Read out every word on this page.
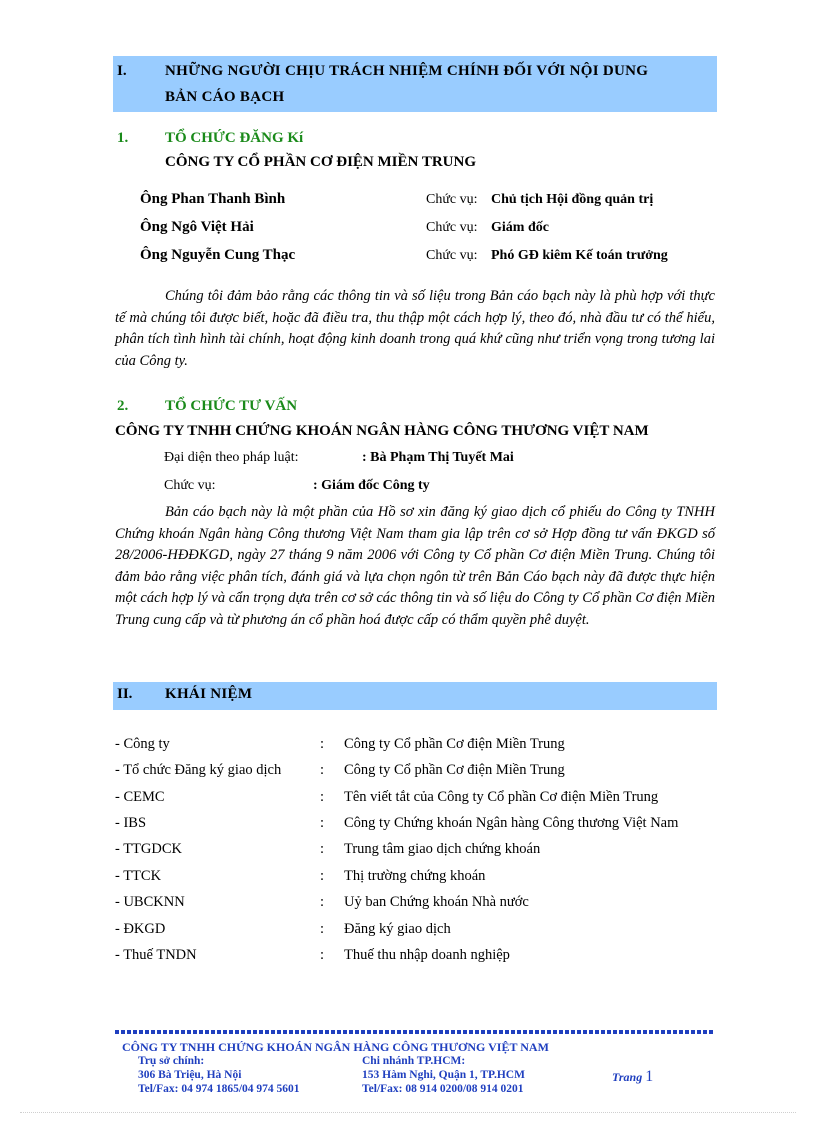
I.	NHỮNG NGƯỜI CHỊU TRÁCH NHIỆM CHÍNH ĐỐI VỚI NỘI DUNG
BẢN CÁO BẠCH
1. TỔ CHỨC ĐĂNG Kí
CÔNG TY CỔ PHẦN CƠ ĐIỆN MIỀN TRUNG
Ông Phan Thanh Bình	Chức vụ: Chủ tịch Hội đồng quản trị
Ông Ngô Việt Hải	Chức vụ: Giám đốc
Ông Nguyễn Cung Thạc	Chức vụ: Phó GĐ kiêm Kế toán trưởng

Chúng tôi đảm bảo rằng các thông tin và số liệu trong Bản cáo bạch này là phù hợp với thực tế mà chúng tôi được biết, hoặc đã điều tra, thu thập một cách hợp lý, theo đó, nhà đầu tư có thể hiểu, phân tích tình hình tài chính, hoạt động kinh doanh trong quá khứ cũng như triển vọng trong tương lai của Công ty.

2. TỔ CHỨC TƯ VẤN
CÔNG TY TNHH CHỨNG KHOÁN NGÂN HÀNG CÔNG THƯƠNG VIỆT NAM
Đại diện theo pháp luật:	: Bà Phạm Thị Tuyết Mai
Chức vụ:	: Giám đốc Công ty

Bản cáo bạch này là một phần của Hồ sơ xin đăng ký giao dịch cổ phiếu do Công ty TNHH Chứng khoán Ngân hàng Công thương Việt Nam tham gia lập trên cơ sở Hợp đồng tư vấn ĐKGD số 28/2006-HĐĐKGD, ngày 27 tháng 9 năm 2006 với Công ty Cổ phần Cơ điện Miền Trung. Chúng tôi đảm bảo rằng việc phân tích, đánh giá và lựa chọn ngôn từ trên Bản Cáo bạch này đã được thực hiện một cách hợp lý và cẩn trọng dựa trên cơ sở các thông tin và số liệu do Công ty Cổ phần Cơ điện Miền Trung cung cấp và từ phương án cổ phần hoá được cấp có thẩm quyền phê duyệt.

II. KHÁI NIỆM
- Công ty	: Công ty Cổ phần Cơ điện Miền Trung
- Tổ chức Đăng ký giao dịch	: Công ty Cổ phần Cơ điện Miền Trung
- CEMC	: Tên viết tắt của Công ty Cổ phần Cơ điện Miền Trung
- IBS	: Công ty Chứng khoán Ngân hàng Công thương Việt Nam
- TTGDCK	: Trung tâm giao dịch chứng khoán
- TTCK	: Thị trường chứng khoán
- UBCKNN	: Uỷ ban Chứng khoán Nhà nước
- ĐKGD	: Đăng ký giao dịch
- Thuế TNDN	: Thuế thu nhập doanh nghiệp
CÔNG TY TNHH CHỨNG KHOÁN NGÂN HÀNG CÔNG THƯƠNG VIỆT NAM
Trụ sở chính:
306 Bà Triệu, Hà Nội
Tel/Fax: 04 974 1865/04 974 5601
Chi nhánh TP.HCM:
153 Hàm Nghi, Quận 1, TP.HCM
Tel/Fax: 08 914 0200/08 914 0201
Trang 1
